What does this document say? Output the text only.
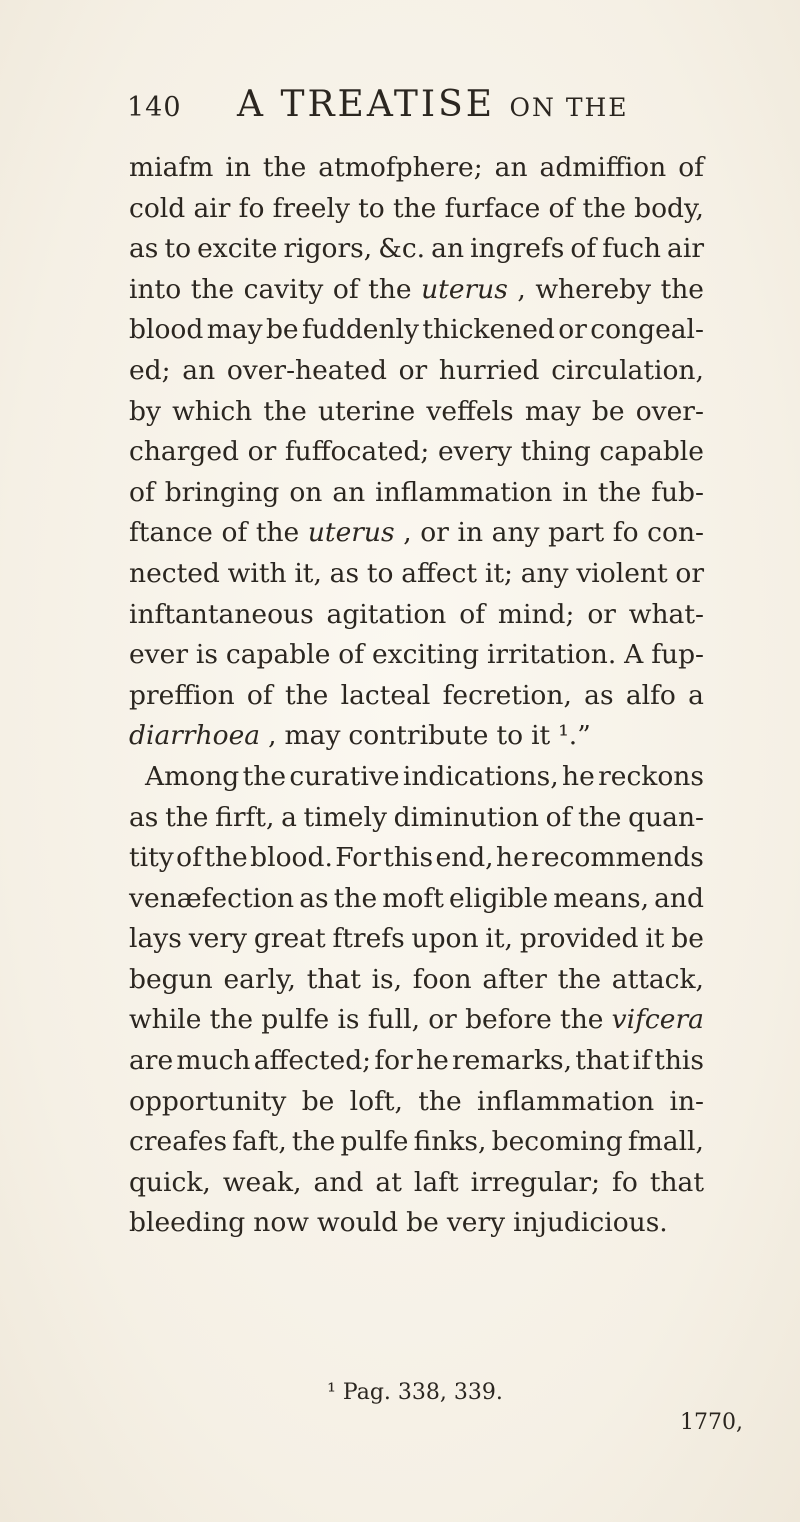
140	A TREATISE ON THE
miafm in the atmofphere; an admiffion of
cold air fo freely to the furface of the body,
as to excite rigors, &c. an ingrefs of fuch air
into the cavity of the uterus , whereby the
blood may be fuddenly thickened or congeal-
ed; an over-heated or hurried circulation,
by which the uterine veffels may be over-
charged or fuffocated; every thing capable
of bringing on an inflammation in the fub-
ftance of the uterus , or in any part fo con-
nected with it, as to affect it; any violent or
inftantaneous agitation of mind; or what-
ever is capable of exciting irritation. A fup-
preffion of the lacteal fecretion, as alfo a
diarrhoea , may contribute to it ¹.”
Among the curative indications, he reckons
as the firft, a timely diminution of the quan-
tity of the blood. For this end, he recommends
venæfection as the moft eligible means, and
lays very great ftrefs upon it, provided it be
begun early, that is, foon after the attack,
while the pulfe is full, or before the vifcera
are much affected; for he remarks, that if this
opportunity be loft, the inflammation in-
creafes faft, the pulfe finks, becoming fmall,
quick, weak, and at laft irregular; fo that
bleeding now would be very injudicious.
¹ Pag. 338, 339.
1770,
